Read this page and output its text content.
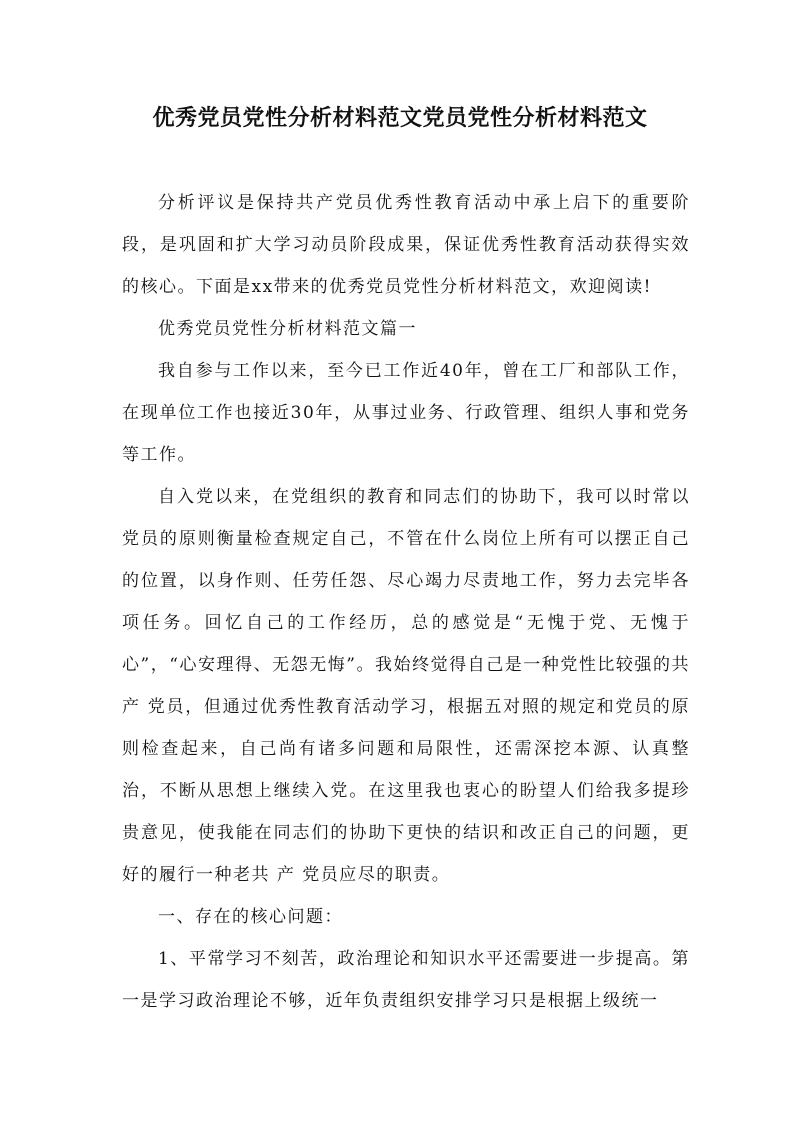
优秀党员党性分析材料范文党员党性分析材料范文

分析评议是保持共产党员优秀性教育活动中承上启下的重要阶段，是巩固和扩大学习动员阶段成果，保证优秀性教育活动获得实效的核心。下面是xx带来的优秀党员党性分析材料范文，欢迎阅读!

优秀党员党性分析材料范文篇一

我自参与工作以来，至今已工作近40年，曾在工厂和部队工作，在现单位工作也接近30年，从事过业务、行政管理、组织人事和党务等工作。

自入党以来，在党组织的教育和同志们的协助下，我可以时常以党员的原则衡量检查规定自己，不管在什么岗位上所有可以摆正自己的位置，以身作则、任劳任怨、尽心竭力尽责地工作，努力去完毕各项任务。回忆自己的工作经历，总的感觉是“无愧于党、无愧于心”，“心安理得、无怨无悔”。我始终觉得自己是一种党性比较强的共产 党员，但通过优秀性教育活动学习，根据五对照的规定和党员的原则检查起来，自己尚有诸多问题和局限性，还需深挖本源、认真整治，不断从思想上继续入党。在这里我也衷心的盼望人们给我多提珍贵意见，使我能在同志们的协助下更快的结识和改正自己的问题，更好的履行一种老共 产 党员应尽的职责。

一、存在的核心问题：

1、平常学习不刻苦，政治理论和知识水平还需要进一步提高。第一是学习政治理论不够，近年负责组织安排学习只是根据上级统一
